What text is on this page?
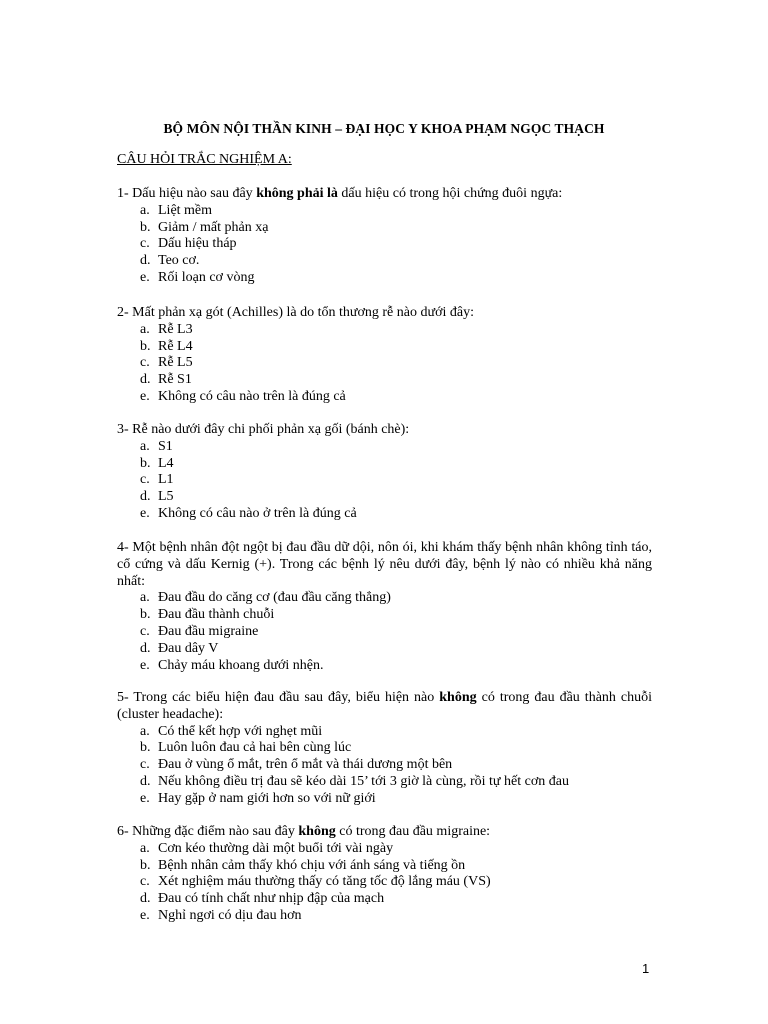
BỘ MÔN NỘI THẦN KINH – ĐẠI HỌC Y KHOA PHẠM NGỌC THẠCH
CÂU HỎI TRẮC NGHIỆM A:
1- Dấu hiệu nào sau đây không phải là dấu hiệu có trong hội chứng đuôi ngựa:
a. Liệt mềm
b. Giảm / mất phản xạ
c. Dấu hiệu tháp
d. Teo cơ.
e. Rối loạn cơ vòng
2- Mất phản xạ gót (Achilles) là do tổn thương rễ nào dưới đây:
a. Rễ L3
b. Rễ L4
c. Rễ L5
d. Rễ S1
e. Không có câu nào trên là đúng cả
3- Rễ nào dưới đây chi phối phản xạ gối (bánh chè):
a. S1
b. L4
c. L1
d. L5
e. Không có câu nào ở trên là đúng cả
4- Một bệnh nhân đột ngột bị đau đầu dữ dội, nôn ói, khi khám thấy bệnh nhân không tỉnh táo, cổ cứng và dấu Kernig (+). Trong các bệnh lý nêu dưới đây, bệnh lý nào có nhiều khả năng nhất:
a. Đau đầu do căng cơ (đau đầu căng thẳng)
b. Đau đầu thành chuỗi
c. Đau đầu migraine
d. Đau dây V
e. Chảy máu khoang dưới nhện.
5- Trong các biểu hiện đau đầu sau đây, biểu hiện nào không có trong đau đầu thành chuỗi (cluster headache):
a. Có thể kết hợp với nghẹt mũi
b. Luôn luôn đau cả hai bên cùng lúc
c. Đau ở vùng ổ mắt, trên ổ mắt và thái dương một bên
d. Nếu không điều trị đau sẽ kéo dài 15’ tới 3 giờ là cùng, rồi tự hết cơn đau
e. Hay gặp ở nam giới hơn so với nữ giới
6- Những đặc điểm nào sau đây không có trong đau đầu migraine:
a. Cơn kéo thường dài một buổi tới vài ngày
b. Bệnh nhân cảm thấy khó chịu với ánh sáng và tiếng ồn
c. Xét nghiệm máu thường thấy có tăng tốc độ lắng máu (VS)
d. Đau có tính chất như nhịp đập của mạch
e. Nghỉ ngơi có dịu đau hơn
1
